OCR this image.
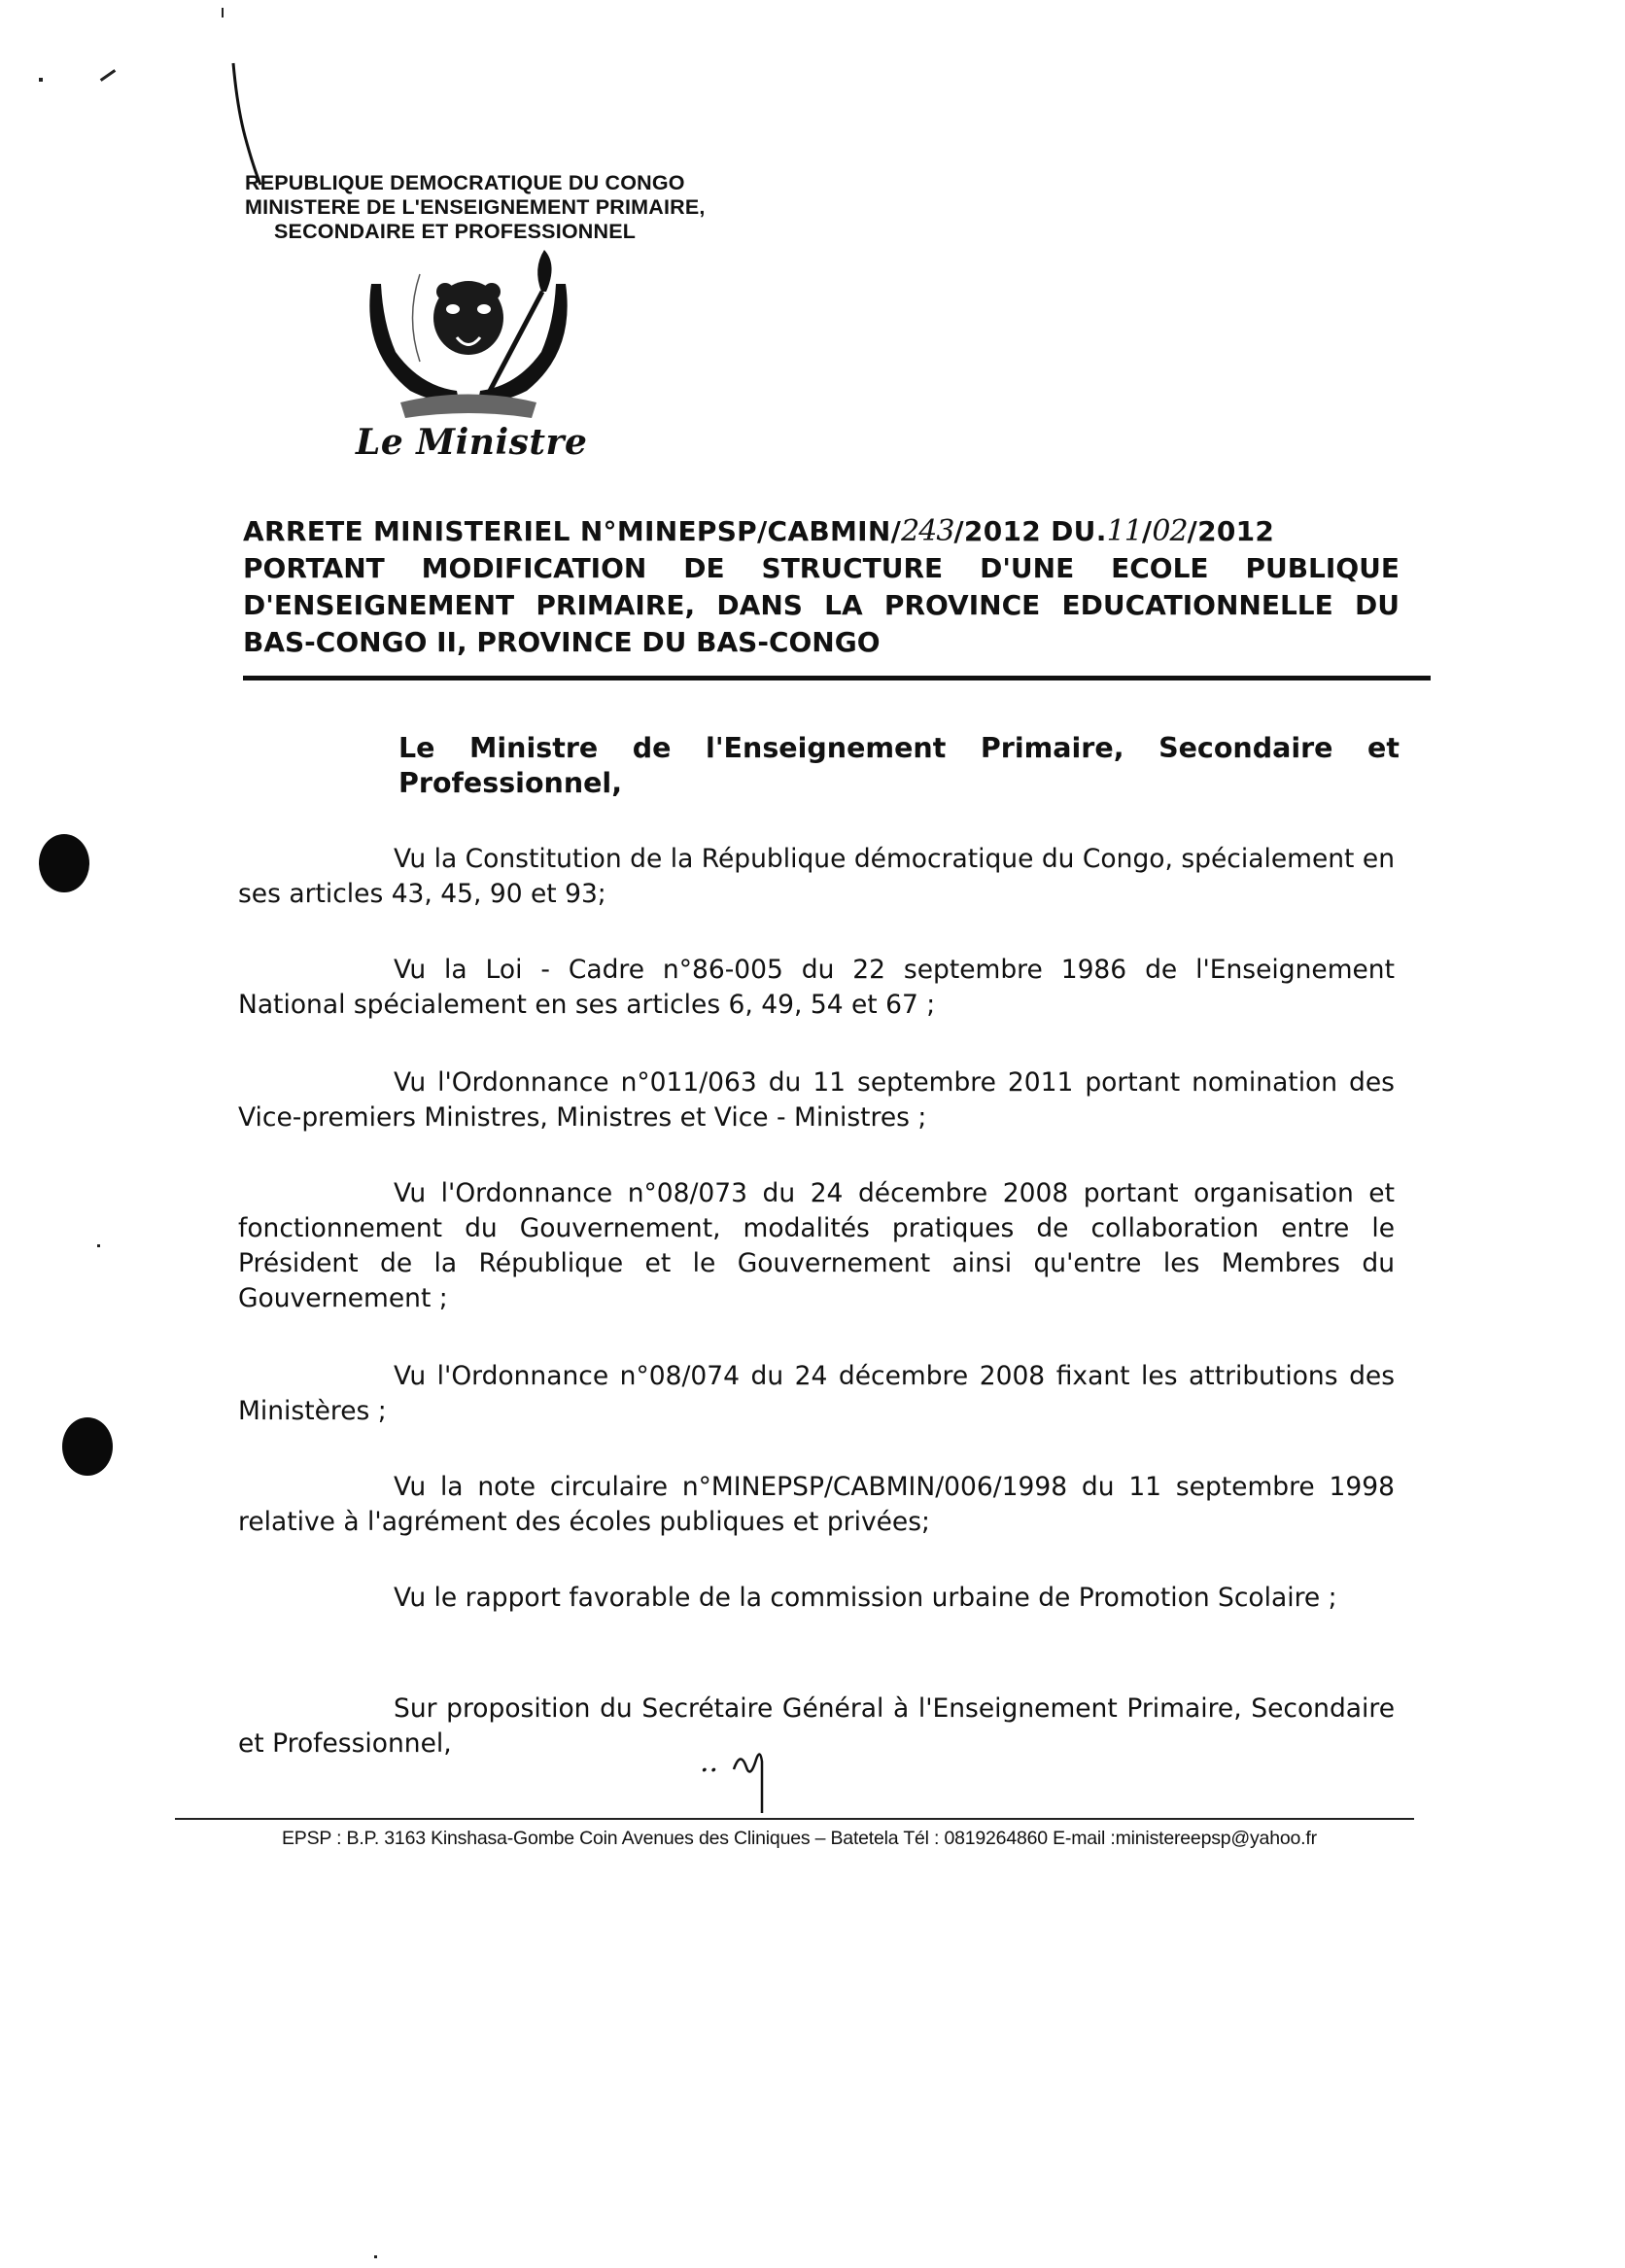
REPUBLIQUE DEMOCRATIQUE DU CONGO
MINISTERE DE L'ENSEIGNEMENT PRIMAIRE,
SECONDAIRE ET PROFESSIONNEL
Le Ministre
ARRETE MINISTERIEL N°MINEPSP/CABMIN/243/2012 DU.11/02/2012
PORTANT MODIFICATION DE STRUCTURE D'UNE ECOLE PUBLIQUE D'ENSEIGNEMENT PRIMAIRE, DANS LA PROVINCE EDUCATIONNELLE DU BAS-CONGO II, PROVINCE DU BAS-CONGO
Le Ministre de l'Enseignement Primaire, Secondaire et Professionnel,

Vu la Constitution de la République démocratique du Congo, spécialement en ses articles 43, 45, 90 et 93;

Vu la Loi - Cadre n°86-005 du 22 septembre 1986 de l'Enseignement National spécialement en ses articles 6, 49, 54 et 67 ;

Vu l'Ordonnance n°011/063 du 11 septembre 2011 portant nomination des Vice-premiers Ministres, Ministres et Vice - Ministres ;

Vu l'Ordonnance n°08/073 du 24 décembre 2008 portant organisation et fonctionnement du Gouvernement, modalités pratiques de collaboration entre le Président de la République et le Gouvernement ainsi qu'entre les Membres du Gouvernement ;

Vu l'Ordonnance n°08/074 du 24 décembre 2008 fixant les attributions des Ministères ;

Vu la note circulaire n°MINEPSP/CABMIN/006/1998 du 11 septembre 1998 relative à l'agrément des écoles publiques et privées;

Vu le rapport favorable de la commission urbaine de Promotion Scolaire ;

Sur proposition du Secrétaire Général à l'Enseignement Primaire, Secondaire et Professionnel,

..
EPSP : B.P. 3163 Kinshasa-Gombe Coin Avenues des Cliniques – Batetela Tél : 0819264860 E-mail :ministereepsp@yahoo.fr
